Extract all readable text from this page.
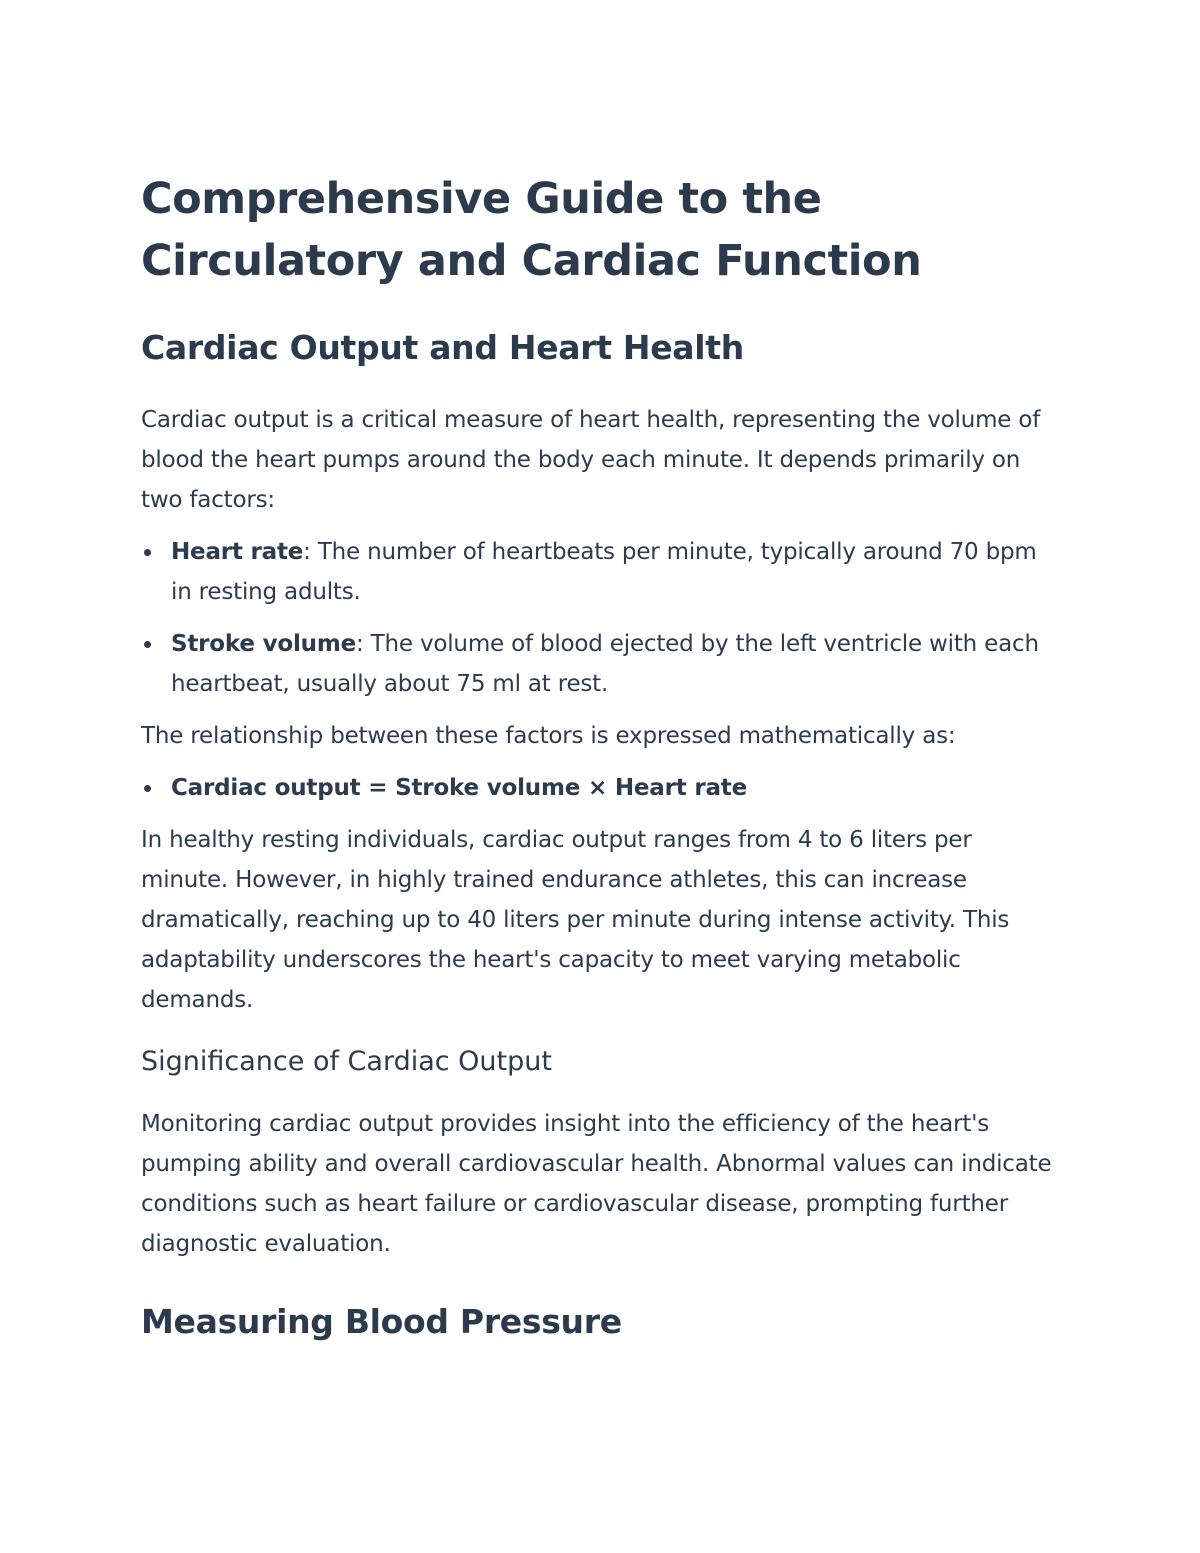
Comprehensive Guide to the Circulatory and Cardiac Function
Cardiac Output and Heart Health

Cardiac output is a critical measure of heart health, representing the volume of blood the heart pumps around the body each minute. It depends primarily on two factors:

Heart rate: The number of heartbeats per minute, typically around 70 bpm in resting adults.
Stroke volume: The volume of blood ejected by the left ventricle with each heartbeat, usually about 75 ml at rest.

The relationship between these factors is expressed mathematically as:

Cardiac output = Stroke volume × Heart rate

In healthy resting individuals, cardiac output ranges from 4 to 6 liters per minute. However, in highly trained endurance athletes, this can increase dramatically, reaching up to 40 liters per minute during intense activity. This adaptability underscores the heart's capacity to meet varying metabolic demands.

Significance of Cardiac Output

Monitoring cardiac output provides insight into the efficiency of the heart's pumping ability and overall cardiovascular health. Abnormal values can indicate conditions such as heart failure or cardiovascular disease, prompting further diagnostic evaluation.

Measuring Blood Pressure
